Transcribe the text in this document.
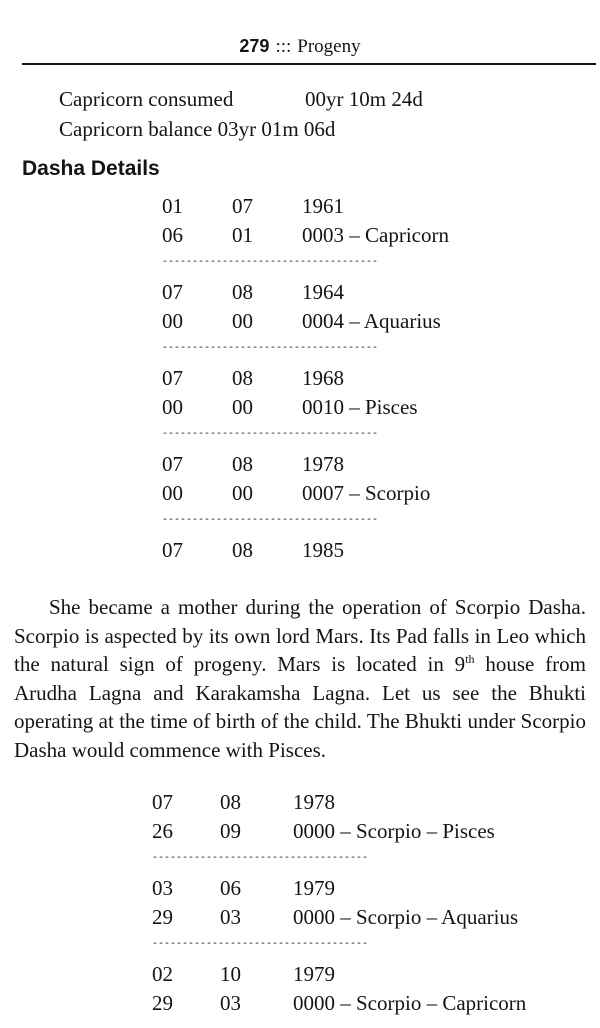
279 ::: Progeny
Capricorn consumed	00yr 10m 24d
Capricorn balance 03yr 01m 06d
Dasha Details
01 07 1961
06 01 0003 – Capricorn
------------------------------------
07 08 1964
00 00 0004 – Aquarius
------------------------------------
07 08 1968
00 00 0010 – Pisces
------------------------------------
07 08 1978
00 00 0007 – Scorpio
------------------------------------
07 08 1985

She became a mother during the operation of Scorpio Dasha. Scorpio is aspected by its own lord Mars. Its Pad falls in Leo which the natural sign of progeny. Mars is located in 9th house from Arudha Lagna and Karakamsha Lagna. Let us see the Bhukti operating at the time of birth of the child. The Bhukti under Scorpio Dasha would commence with Pisces.

07 08 1978
26 09 0000 – Scorpio – Pisces
------------------------------------
03 06 1979
29 03 0000 – Scorpio – Aquarius
------------------------------------
02 10 1979
29 03 0000 – Scorpio – Capricorn
